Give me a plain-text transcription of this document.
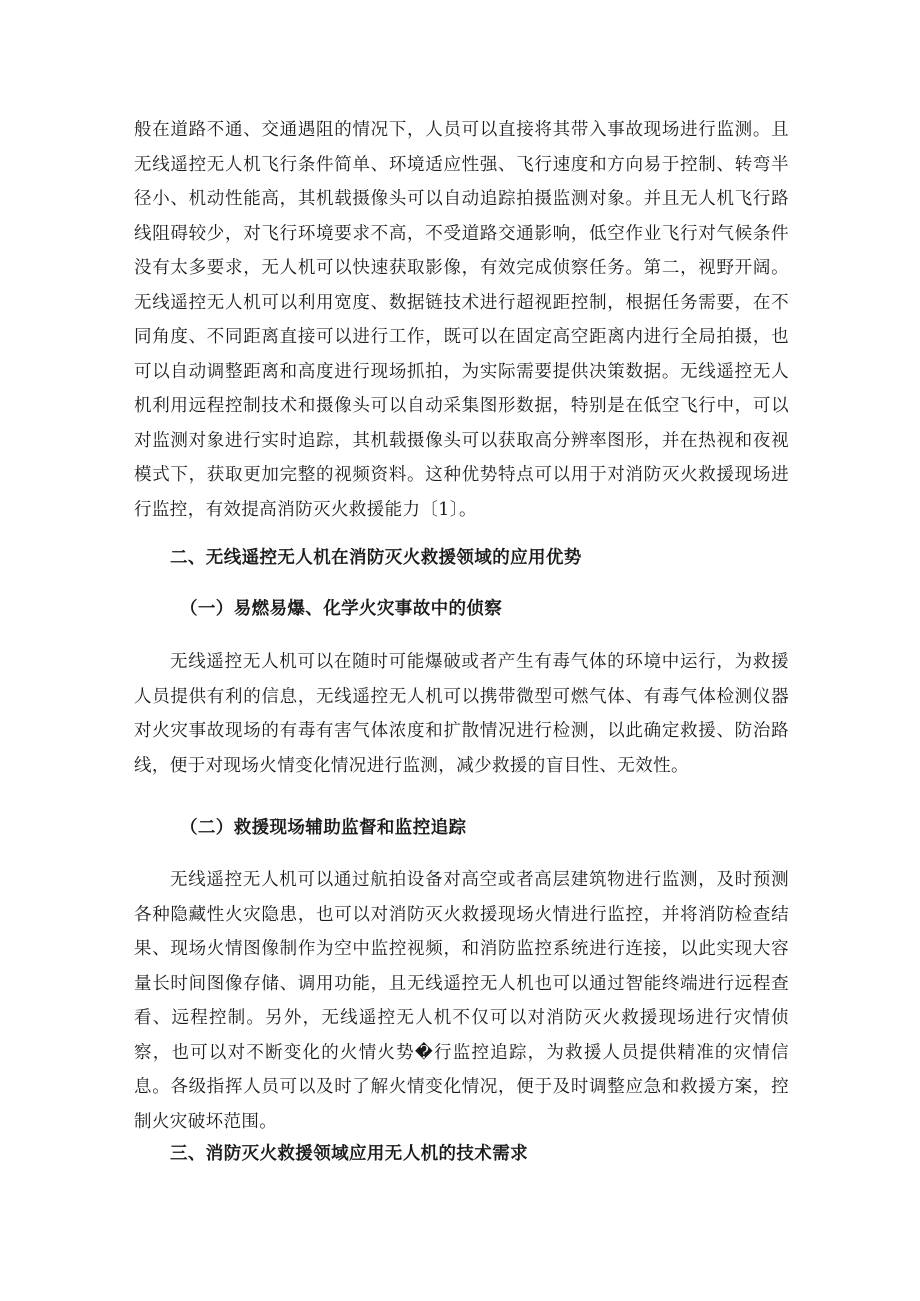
般在道路不通、交通遇阻的情况下，人员可以直接将其带入事故现场进行监测。且无线遥控无人机飞行条件简单、环境适应性强、飞行速度和方向易于控制、转弯半径小、机动性能高，其机载摄像头可以自动追踪拍摄监测对象。并且无人机飞行路线阻碍较少，对飞行环境要求不高，不受道路交通影响，低空作业飞行对气候条件没有太多要求，无人机可以快速获取影像，有效完成侦察任务。第二，视野开阔。无线遥控无人机可以利用宽度、数据链技术进行超视距控制，根据任务需要，在不同角度、不同距离直接可以进行工作，既可以在固定高空距离内进行全局拍摄，也可以自动调整距离和高度进行现场抓拍，为实际需要提供决策数据。无线遥控无人机利用远程控制技术和摄像头可以自动采集图形数据，特别是在低空飞行中，可以对监测对象进行实时追踪，其机载摄像头可以获取高分辨率图形，并在热视和夜视模式下，获取更加完整的视频资料。这种优势特点可以用于对消防灭火救援现场进行监控，有效提高消防灭火救援能力〔1〕。

二、无线遥控无人机在消防灭火救援领域的应用优势
（一）易燃易爆、化学火灾事故中的侦察

无线遥控无人机可以在随时可能爆破或者产生有毒气体的环境中运行，为救援人员提供有利的信息，无线遥控无人机可以携带微型可燃气体、有毒气体检测仪器对火灾事故现场的有毒有害气体浓度和扩散情况进行检测，以此确定救援、防治路线，便于对现场火情变化情况进行监测，减少救援的盲目性、无效性。

（二）救援现场辅助监督和监控追踪

无线遥控无人机可以通过航拍设备对高空或者高层建筑物进行监测，及时预测各种隐藏性火灾隐患，也可以对消防灭火救援现场火情进行监控，并将消防检查结果、现场火情图像制作为空中监控视频，和消防监控系统进行连接，以此实现大容量长时间图像存储、调用功能，且无线遥控无人机也可以通过智能终端进行远程查看、远程控制。另外，无线遥控无人机不仅可以对消防灭火救援现场进行灾情侦察，也可以对不断变化的火情火势�行监控追踪，为救援人员提供精准的灾情信息。各级指挥人员可以及时了解火情变化情况，便于及时调整应急和救援方案，控制火灾破坏范围。

三、消防灭火救援领域应用无人机的技术需求
